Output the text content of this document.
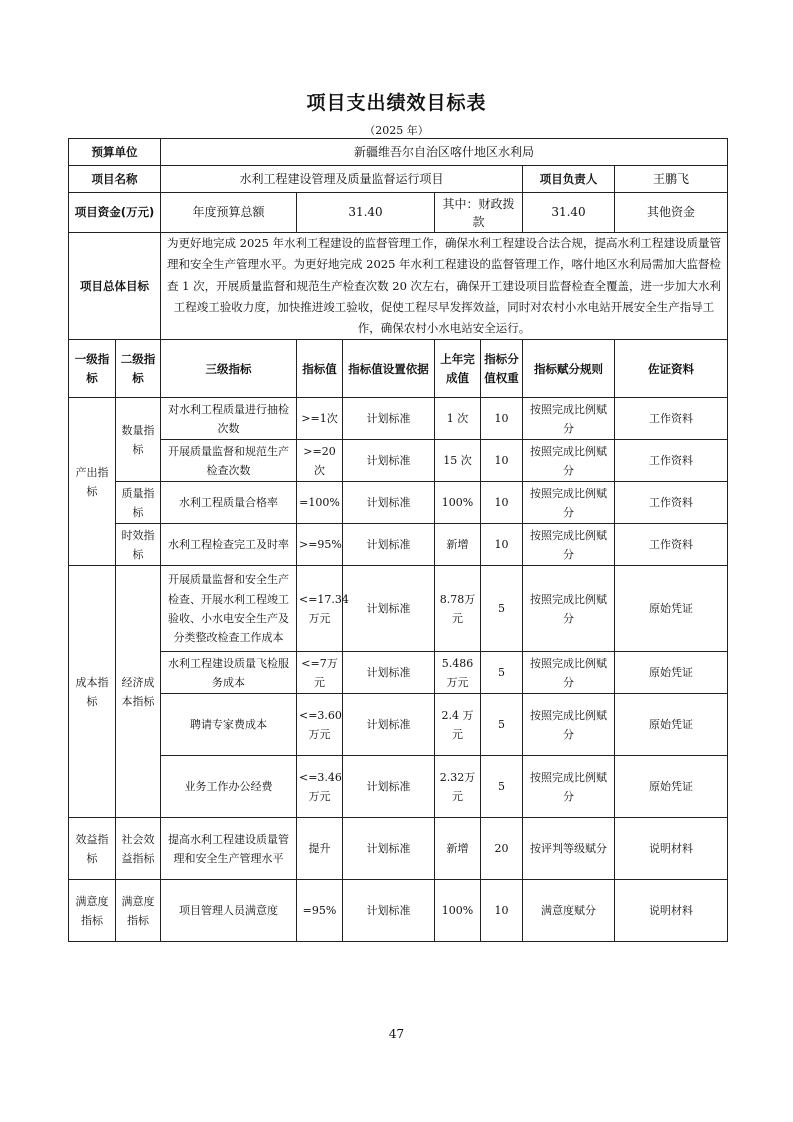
项目支出绩效目标表
（2025 年）
预算单位		新疆维吾尔自治区喀什地区水利局							
项目名称		水利工程建设管理及质量监督运行项目					项目负责人	王鹏飞	
项目资金(万元)		年度预算总额	31.40		其中：财政拨款		31.40	其他资金	
项目总体目标		为更好地完成 2025 年水利工程建设的监督管理工作，确保水利工程建设合法合规，提高水利工程建设质量管理和安全生产管理水平。为更好地完成 2025 年水利工程建设的监督管理工作，喀什地区水利局需加大监督检查 1 次，开展质量监督和规范生产检查次数 20 次左右，确保开工建设项目监督检查全覆盖，进一步加大水利工程竣工验收力度，加快推进竣工验收，促使工程尽早发挥效益，同时对农村小水电站开展安全生产指导工作，确保农村小水电站安全运行。							
一级指标	二级指标	三级指标	指标值	指标值设置依据	上年完成值	指标分值权重	指标赋分规则	佐证资料	
产出指标	数量指标	对水利工程质量进行抽检次数	>=1次	计划标准	1 次	10	按照完成比例赋分	工作资料	
		开展质量监督和规范生产检查次数	>=20次	计划标准	15 次	10	按照完成比例赋分	工作资料	
	质量指标	水利工程质量合格率	=100%	计划标准	100%	10	按照完成比例赋分	工作资料	
	时效指标	水利工程检查完工及时率	>=95%	计划标准	新增	10	按照完成比例赋分	工作资料	
成本指标	经济成本指标	开展质量监督和安全生产检查、开展水利工程竣工验收、小水电安全生产及分类整改检查工作成本	<=17.34万元	计划标准	8.78万元	5	按照完成比例赋分	原始凭证	
		水利工程建设质量飞检服务成本	<=7万元	计划标准	5.486万元	5	按照完成比例赋分	原始凭证	
		聘请专家费成本	<=3.60万元	计划标准	2.4 万元	5	按照完成比例赋分	原始凭证	
		业务工作办公经费	<=3.46万元	计划标准	2.32万元	5	按照完成比例赋分	原始凭证	
效益指标	社会效益指标	提高水利工程建设质量管理和安全生产管理水平	提升	计划标准	新增	20	按评判等级赋分	说明材料	
满意度指标	满意度指标	项目管理人员满意度	=95%	计划标准	100%	10	满意度赋分	说明材料	
47
